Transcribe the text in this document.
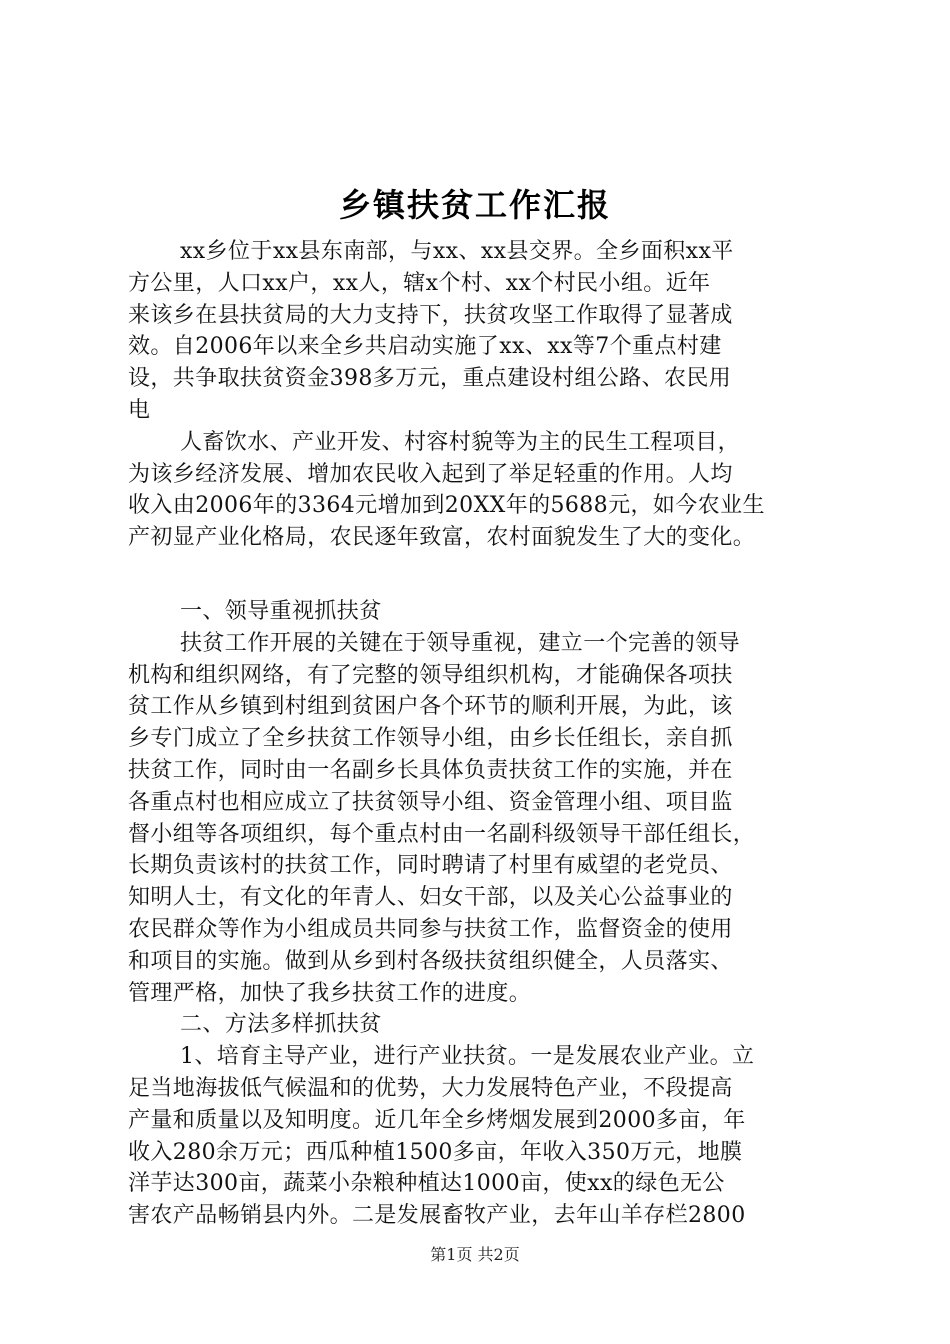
乡镇扶贫工作汇报
xx乡位于xx县东南部，与xx、xx县交界。全乡面积xx平
方公里，人口xx户，xx人，辖x个村、xx个村民小组。近年
来该乡在县扶贫局的大力支持下，扶贫攻坚工作取得了显著成
效。自2006年以来全乡共启动实施了xx、xx等7个重点村建
设，共争取扶贫资金398多万元，重点建设村组公路、农民用
电
人畜饮水、产业开发、村容村貌等为主的民生工程项目，
为该乡经济发展、增加农民收入起到了举足轻重的作用。人均
收入由2006年的3364元增加到20XX年的5688元，如今农业生
产初显产业化格局，农民逐年致富，农村面貌发生了大的变化。
一、领导重视抓扶贫
扶贫工作开展的关键在于领导重视，建立一个完善的领导
机构和组织网络，有了完整的领导组织机构，才能确保各项扶
贫工作从乡镇到村组到贫困户各个环节的顺利开展，为此，该
乡专门成立了全乡扶贫工作领导小组，由乡长任组长，亲自抓
扶贫工作，同时由一名副乡长具体负责扶贫工作的实施，并在
各重点村也相应成立了扶贫领导小组、资金管理小组、项目监
督小组等各项组织，每个重点村由一名副科级领导干部任组长，
长期负责该村的扶贫工作，同时聘请了村里有威望的老党员、
知明人士，有文化的年青人、妇女干部，以及关心公益事业的
农民群众等作为小组成员共同参与扶贫工作，监督资金的使用
和项目的实施。做到从乡到村各级扶贫组织健全，人员落实、
管理严格，加快了我乡扶贫工作的进度。
二、方法多样抓扶贫
1、培育主导产业，进行产业扶贫。一是发展农业产业。立
足当地海拔低气候温和的优势，大力发展特色产业，不段提高
产量和质量以及知明度。近几年全乡烤烟发展到2000多亩，年
收入280余万元；西瓜种植1500多亩，年收入350万元，地膜
洋芋达300亩，蔬菜小杂粮种植达1000亩，使xx的绿色无公
害农产品畅销县内外。二是发展畜牧产业，去年山羊存栏2800
第1页 共2页
